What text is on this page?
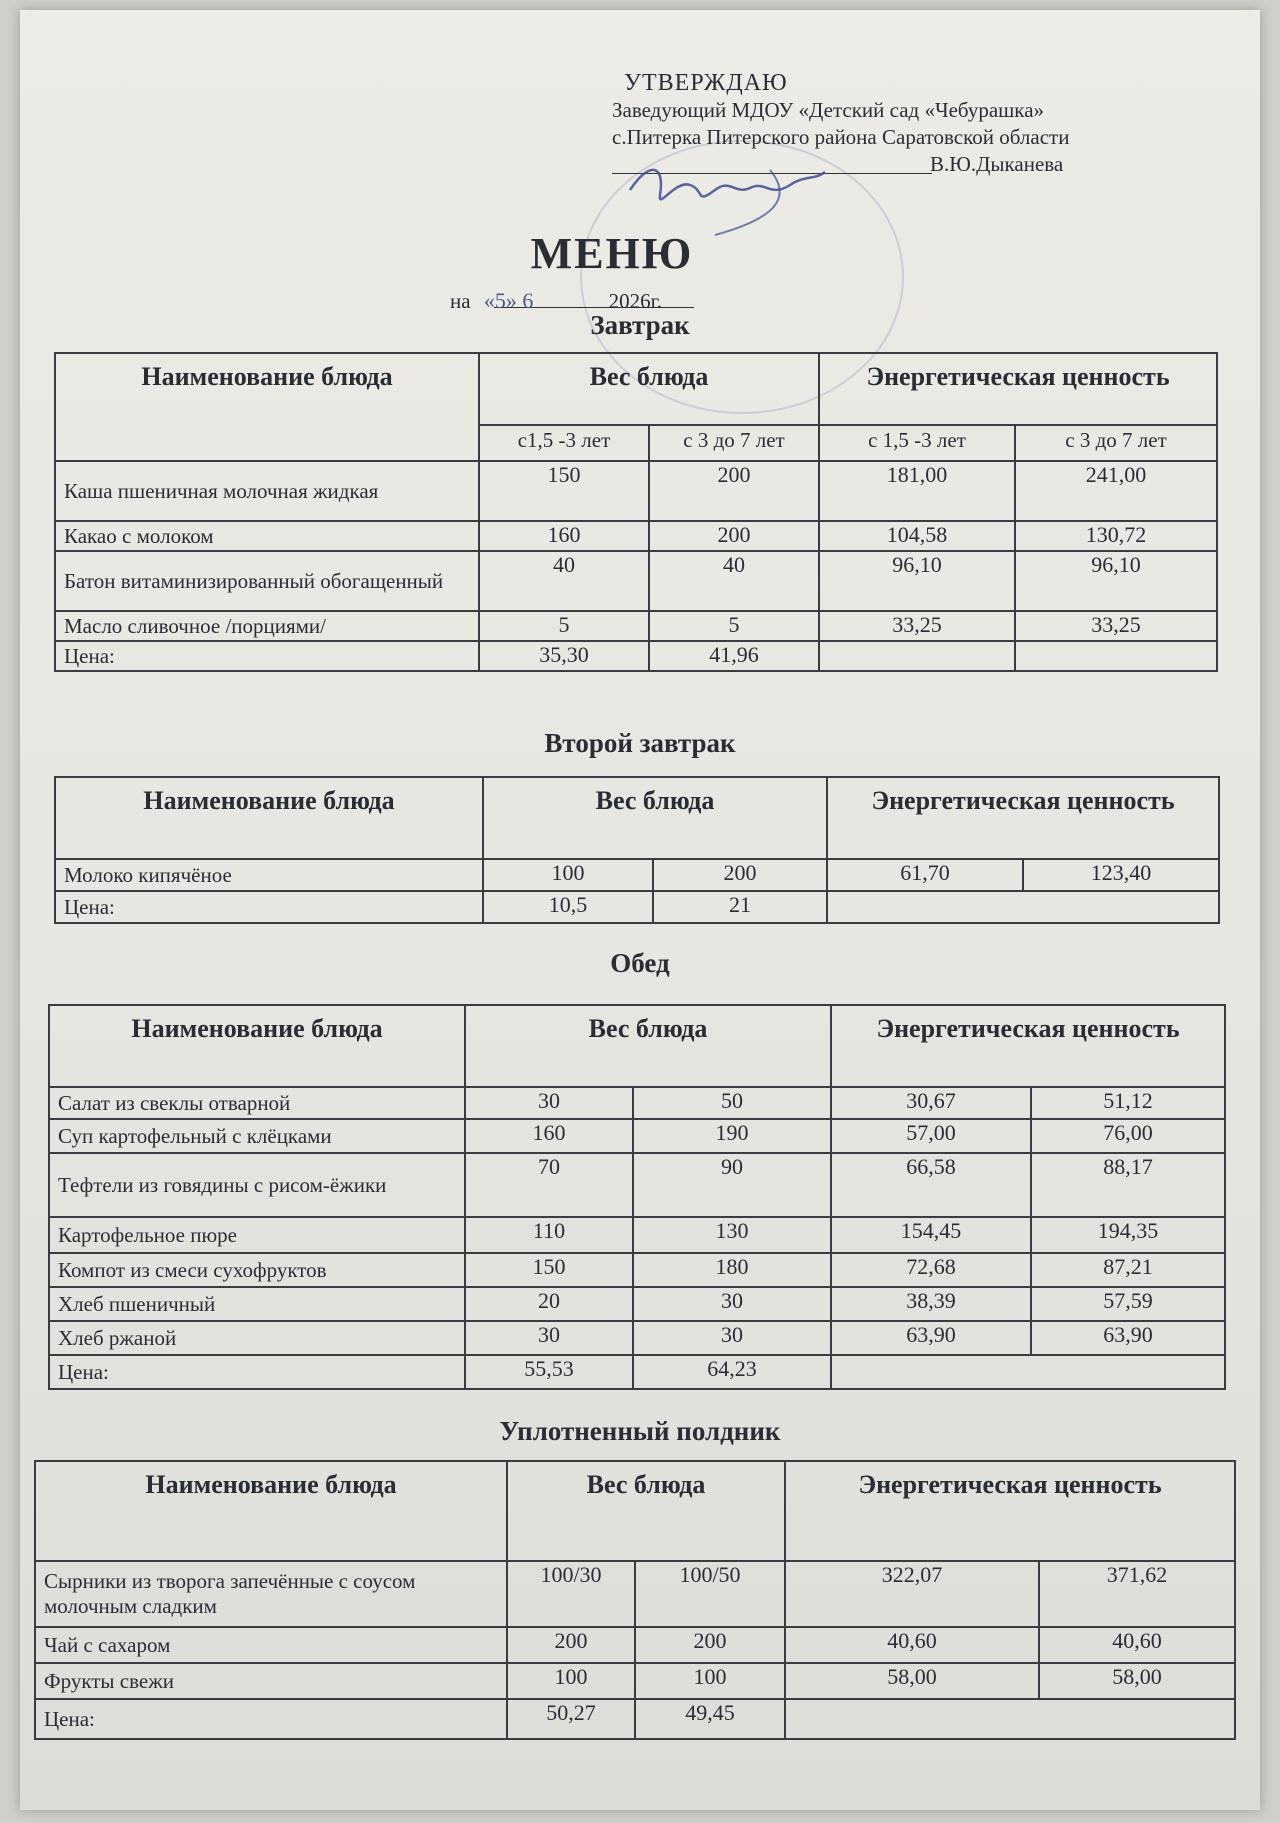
УТВЕРЖДАЮ
Заведующий МДОУ «Детский сад «Чебурашка»
с.Питерка Питерского района Саратовской области
В.Ю.Дыканева
МЕНЮ
на «5» 6	2026г.
Завтрак
Наименование блюда	Вес блюда		Энергетическая ценность	
	с1,5 -3 лет	с 3 до 7 лет	с 1,5 -3 лет	с 3 до 7 лет
Каша пшеничная молочная жидкая	150	200	181,00	241,00
Какао с молоком	160	200	104,58	130,72
Батон витаминизированный обогащенный	40	40	96,10	96,10
Масло сливочное /порциями/	5	5	33,25	33,25
Цена:	35,30	41,96		
Второй завтрак
Наименование блюда	Вес блюда		Энергетическая ценность	
Молоко кипячёное	100	200	61,70	123,40
Цена:	10,5	21		
Обед
Наименование блюда	Вес блюда		Энергетическая ценность	
Салат из свеклы отварной	30	50	30,67	51,12
Суп картофельный с клёцками	160	190	57,00	76,00
Тефтели из говядины с рисом-ёжики	70	90	66,58	88,17
Картофельное пюре	110	130	154,45	194,35
Компот из смеси сухофруктов	150	180	72,68	87,21
Хлеб пшеничный	20	30	38,39	57,59
Хлеб ржаной	30	30	63,90	63,90
Цена:	55,53	64,23		
Уплотненный полдник
Наименование блюда	Вес блюда		Энергетическая ценность	
Сырники из творога запечённые с соусом молочным сладким	100/30	100/50	322,07	371,62
Чай с сахаром	200	200	40,60	40,60
Фрукты свежи	100	100	58,00	58,00
Цена:	50,27	49,45		
